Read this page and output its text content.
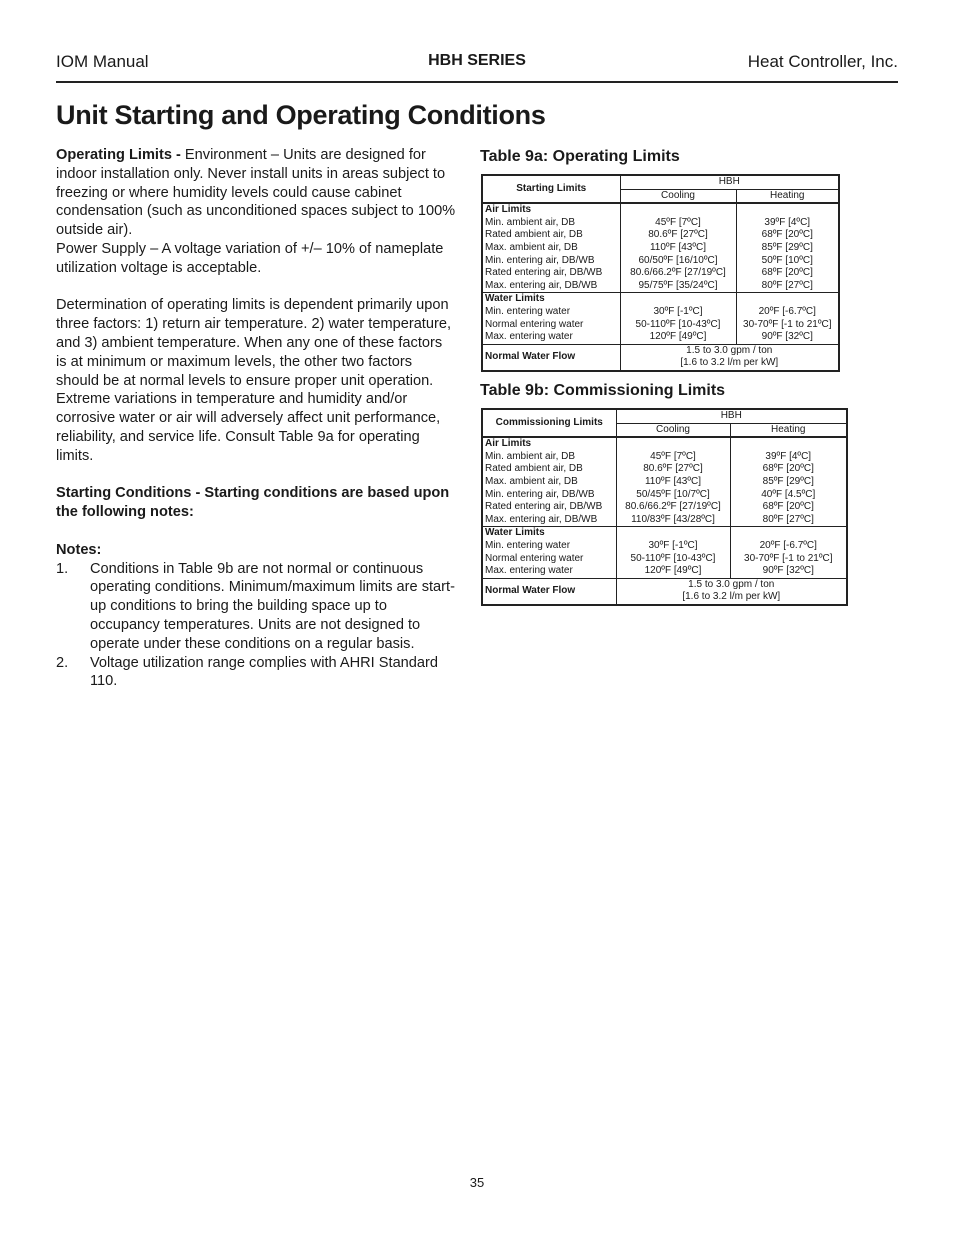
IOM Manual	HBH SERIES	Heat Controller, Inc.
Unit Starting and Operating Conditions

Operating Limits - Environment – Units are designed for indoor installation only. Never install units in areas subject to freezing or where humidity levels could cause cabinet condensation (such as unconditioned spaces subject to 100% outside air).

Power Supply – A voltage variation of +/– 10% of nameplate utilization voltage is acceptable.

Determination of operating limits is dependent primarily upon three factors: 1) return air temperature. 2) water temperature, and 3) ambient temperature. When any one of these factors is at minimum or maximum levels, the other two factors should be at normal levels to ensure proper unit operation. Extreme variations in temperature and humidity and/or corrosive water or air will adversely affect unit performance, reliability, and service life. Consult Table 9a for operating limits.

Starting Conditions - Starting conditions are based upon the following notes:

Notes:

1.	Conditions in Table 9b are not normal or continuous operating conditions. Minimum/maximum limits are start-up conditions to bring the building space up to occupancy temperatures. Units are not designed to operate under these conditions on a regular basis.
2.	Voltage utilization range complies with AHRI Standard 110.
Table 9a: Operating Limits
Starting Limits	HBH	
	Cooling	Heating
Air Limits		
Min. ambient air, DB	45ºF [7ºC]	39ºF [4ºC]
Rated ambient air, DB	80.6ºF [27ºC]	68ºF [20ºC]
Max. ambient air, DB	110ºF [43ºC]	85ºF [29ºC]
Min. entering air, DB/WB	60/50ºF [16/10ºC]	50ºF [10ºC]
Rated entering air, DB/WB	80.6/66.2ºF [27/19ºC]	68ºF [20ºC]
Max. entering air, DB/WB	95/75ºF [35/24ºC]	80ºF [27ºC]
Water Limits		
Min. entering water	30ºF [-1ºC]	20ºF [-6.7ºC]
Normal entering water	50-110ºF [10-43ºC]	30-70ºF [-1 to 21ºC]
Max. entering water	120ºF [49ºC]	90ºF [32ºC]
Normal Water Flow	1.5 to 3.0 gpm / ton
[1.6 to 3.2 l/m per kW]	
Table 9b: Commissioning Limits
Commissioning Limits	HBH	
	Cooling	Heating
Air Limits		
Min. ambient air, DB	45ºF [7ºC]	39ºF [4ºC]
Rated ambient air, DB	80.6ºF [27ºC]	68ºF [20ºC]
Max. ambient air, DB	110ºF [43ºC]	85ºF [29ºC]
Min. entering air, DB/WB	50/45ºF [10/7ºC]	40ºF [4.5ºC]
Rated entering air, DB/WB	80.6/66.2ºF [27/19ºC]	68ºF [20ºC]
Max. entering air, DB/WB	110/83ºF [43/28ºC]	80ºF [27ºC]
Water Limits		
Min. entering water	30ºF [-1ºC]	20ºF [-6.7ºC]
Normal entering water	50-110ºF [10-43ºC]	30-70ºF [-1 to 21ºC]
Max. entering water	120ºF [49ºC]	90ºF [32ºC]
Normal Water Flow	1.5 to 3.0 gpm / ton
[1.6 to 3.2 l/m per kW]	
35
